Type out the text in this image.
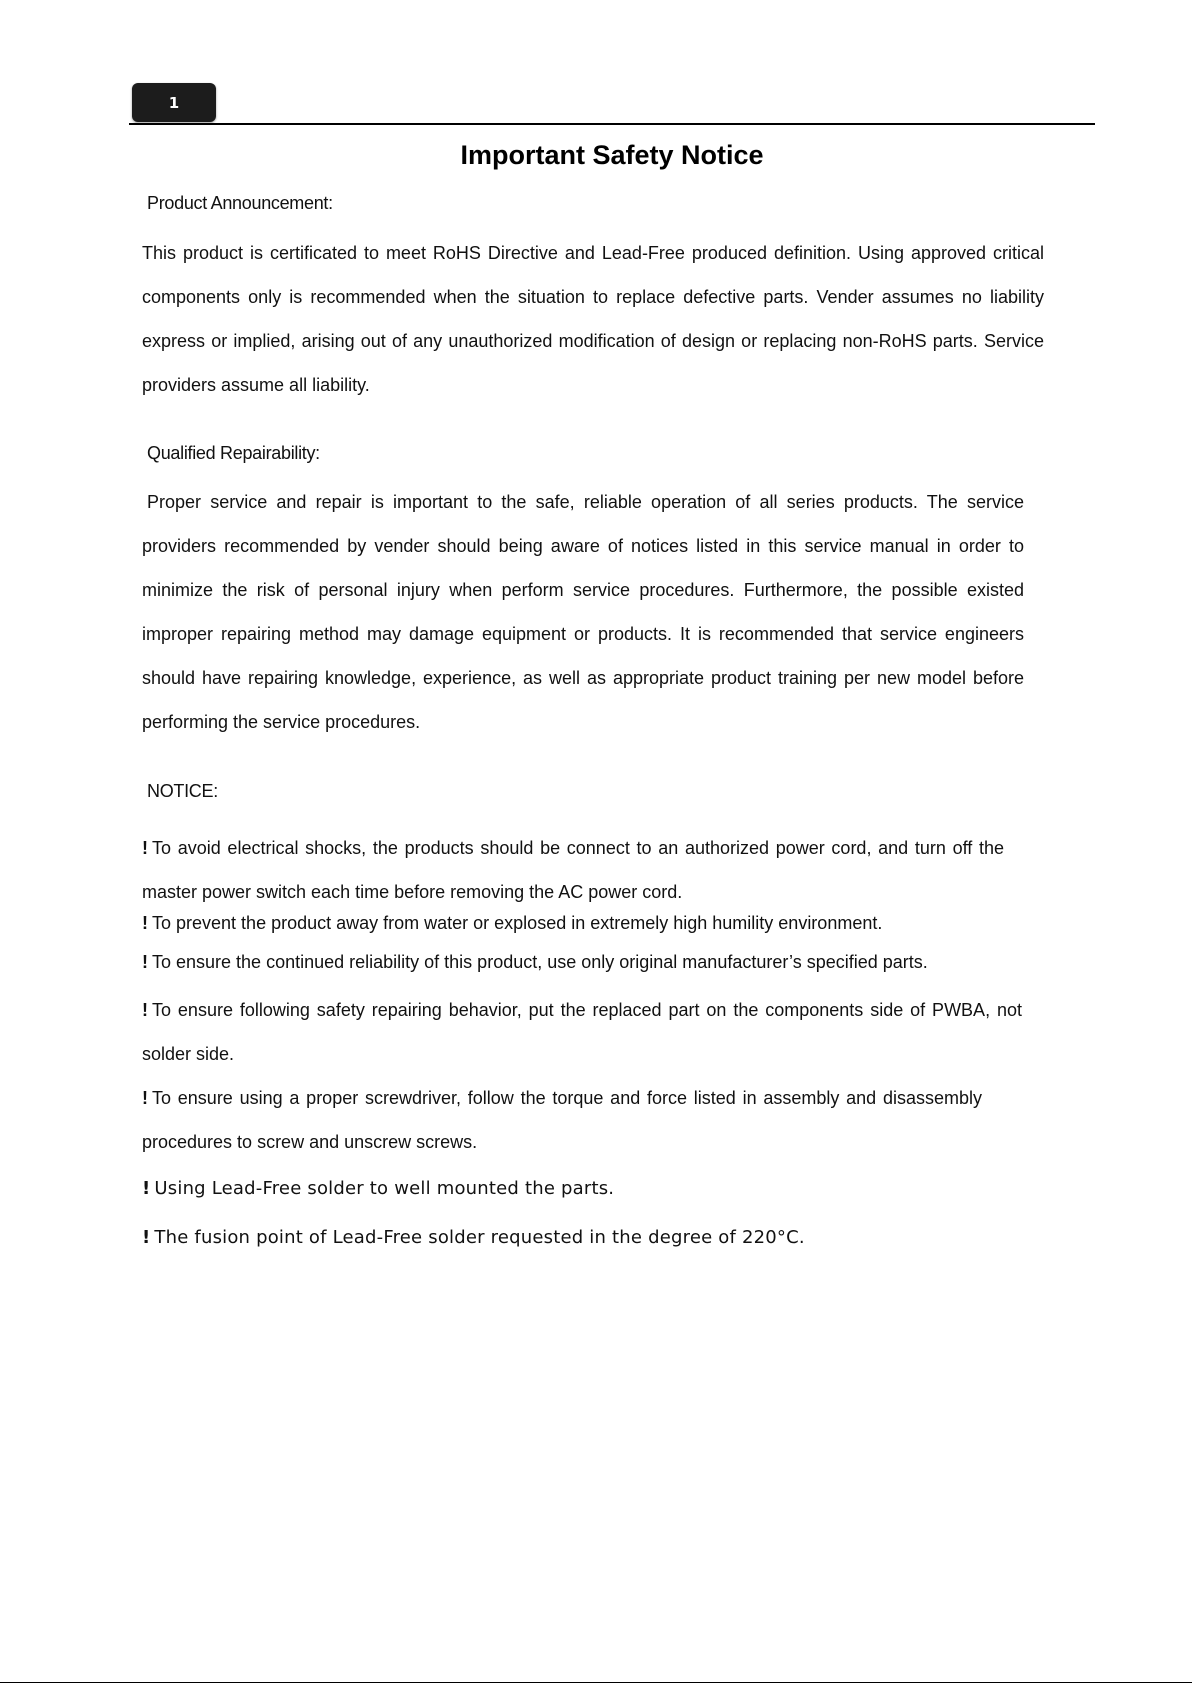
1
Important Safety Notice
Product Announcement:
This product is certificated to meet RoHS Directive and Lead-Free produced definition. Using approved critical components only is recommended when the situation to replace defective parts. Vender assumes no liability express or implied, arising out of any unauthorized modification of design or replacing non-RoHS parts. Service providers assume all liability.
Qualified Repairability:
Proper service and repair is important to the safe, reliable operation of all series products. The service providers recommended by vender should being aware of notices listed in this service manual in order to minimize the risk of personal injury when perform service procedures. Furthermore, the possible existed improper repairing method may damage equipment or products. It is recommended that service engineers should have repairing knowledge, experience, as well as appropriate product training per new model before performing the service procedures.
NOTICE:
! To avoid electrical shocks, the products should be connect to an authorized power cord, and turn off the master power switch each time before removing the AC power cord.
! To prevent the product away from water or explosed in extremely high humility environment.
! To ensure the continued reliability of this product, use only original manufacturer’s specified parts.
! To ensure following safety repairing behavior, put the replaced part on the components side of PWBA, not solder side.
! To ensure using a proper screwdriver, follow the torque and force listed in assembly and disassembly procedures to screw and unscrew screws.
! Using Lead-Free solder to well mounted the parts.
! The fusion point of Lead-Free solder requested in the degree of 220°C.
